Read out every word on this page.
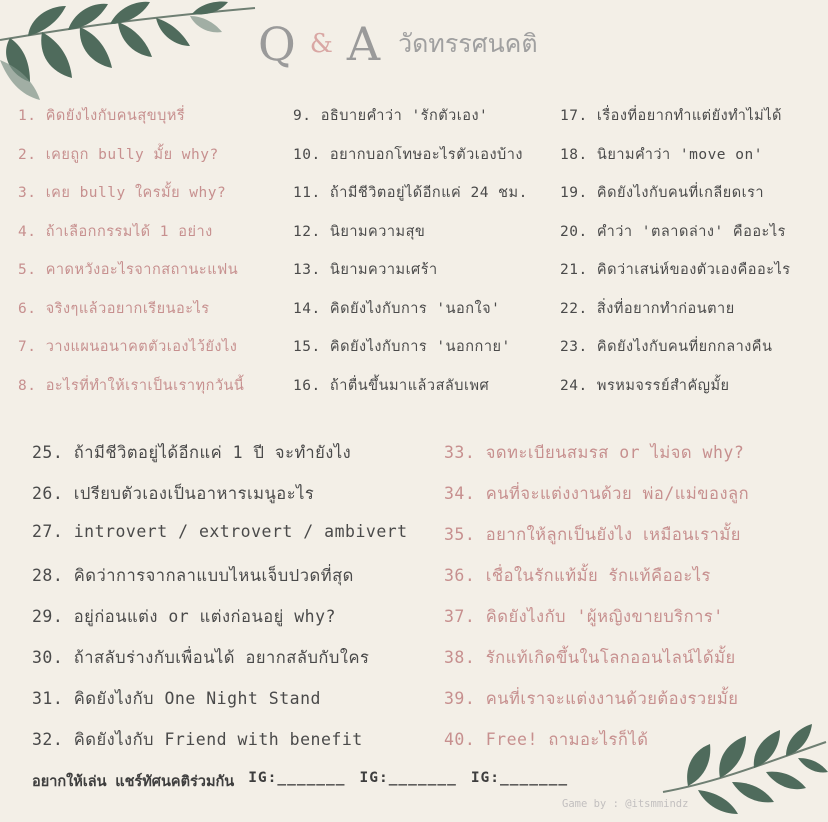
Q & A วัดทรรศนคติ
1. คิดยังไงกับคนสุขบุหรี่
2. เคยถูก bully มั้ย why?
3. เคย bully ใครมั้ย why?
4. ถ้าเลือกกรรมได้ 1 อย่าง
5. คาดหวังอะไรจากสถานะแฟน
6. จริงๆแล้วอยากเรียนอะไร
7. วางแผนอนาคตตัวเองไว้ยังไง
8. อะไรที่ทำให้เราเป็นเราทุกวันนี้
9. อธิบายคำว่า 'รักตัวเอง'
10. อยากบอกโทษอะไรตัวเองบ้าง
11. ถ้ามีชีวิตอยู่ได้อีกแค่ 24 ชม.
12. นิยามความสุข
13. นิยามความเศร้า
14. คิดยังไงกับการ 'นอกใจ'
15. คิดยังไงกับการ 'นอกกาย'
16. ถ้าตื่นขึ้นมาแล้วสลับเพศ
17. เรื่องที่อยากทำแต่ยังทำไม่ได้
18. นิยามคำว่า 'move on'
19. คิดยังไงกับคนที่เกลียดเรา
20. คำว่า 'ตลาดล่าง' คืออะไร
21. คิดว่าเสน่ห์ของตัวเองคืออะไร
22. สิ่งที่อยากทำก่อนตาย
23. คิดยังไงกับคนที่ยกกลางคืน
24. พรหมจรรย์สำคัญมั้ย
25. ถ้ามีชีวิตอยู่ได้อีกแค่ 1 ปี จะทำยังไง
26. เปรียบตัวเองเป็นอาหารเมนูอะไร
27. introvert / extrovert / ambivert
28. คิดว่าการจากลาแบบไหนเจ็บปวดที่สุด
29. อยู่ก่อนแต่ง or แต่งก่อนอยู่ why?
30. ถ้าสลับร่างกับเพื่อนได้ อยากสลับกับใคร
31. คิดยังไงกับ One Night Stand
32. คิดยังไงกับ Friend with benefit
33. จดทะเบียนสมรส or ไม่จด why?
34. คนที่จะแต่งงานด้วย พ่อ/แม่ของลูก
35. อยากให้ลูกเป็นยังไง เหมือนเรามั้ย
36. เชื่อในรักแท้มั้ย รักแท้คืออะไร
37. คิดยังไงกับ 'ผู้หญิงขายบริการ'
38. รักแท้เกิดขึ้นในโลกออนไลน์ได้มั้ย
39. คนที่เราจะแต่งงานด้วยต้องรวยมั้ย
40. Free! ถามอะไรก็ได้
อยากให้เล่น แชร์ทัศนคติร่วมกัน IG:_______ IG:_______ IG:_______
Game by : @itsmmindz
